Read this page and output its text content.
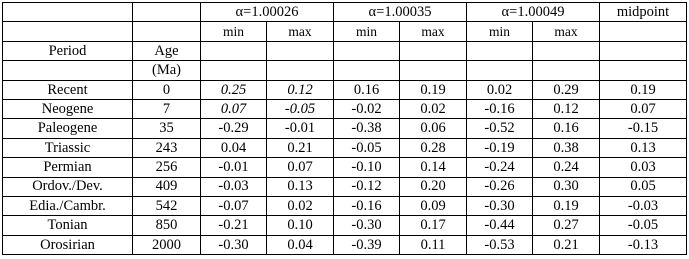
		α=1.00026		α=1.00035		α=1.00049		midpoint
		min	max	min	max	min	max	
Period	Age							
	(Ma)							
Recent	0	0.25	0.12	0.16	0.19	0.02	0.29	0.19
Neogene	7	0.07	-0.05	-0.02	0.02	-0.16	0.12	0.07
Paleogene	35	-0.29	-0.01	-0.38	0.06	-0.52	0.16	-0.15
Triassic	243	0.04	0.21	-0.05	0.28	-0.19	0.38	0.13
Permian	256	-0.01	0.07	-0.10	0.14	-0.24	0.24	0.03
Ordov./Dev.	409	-0.03	0.13	-0.12	0.20	-0.26	0.30	0.05
Edia./Cambr.	542	-0.07	0.02	-0.16	0.09	-0.30	0.19	-0.03
Tonian	850	-0.21	0.10	-0.30	0.17	-0.44	0.27	-0.05
Orosirian	2000	-0.30	0.04	-0.39	0.11	-0.53	0.21	-0.13
